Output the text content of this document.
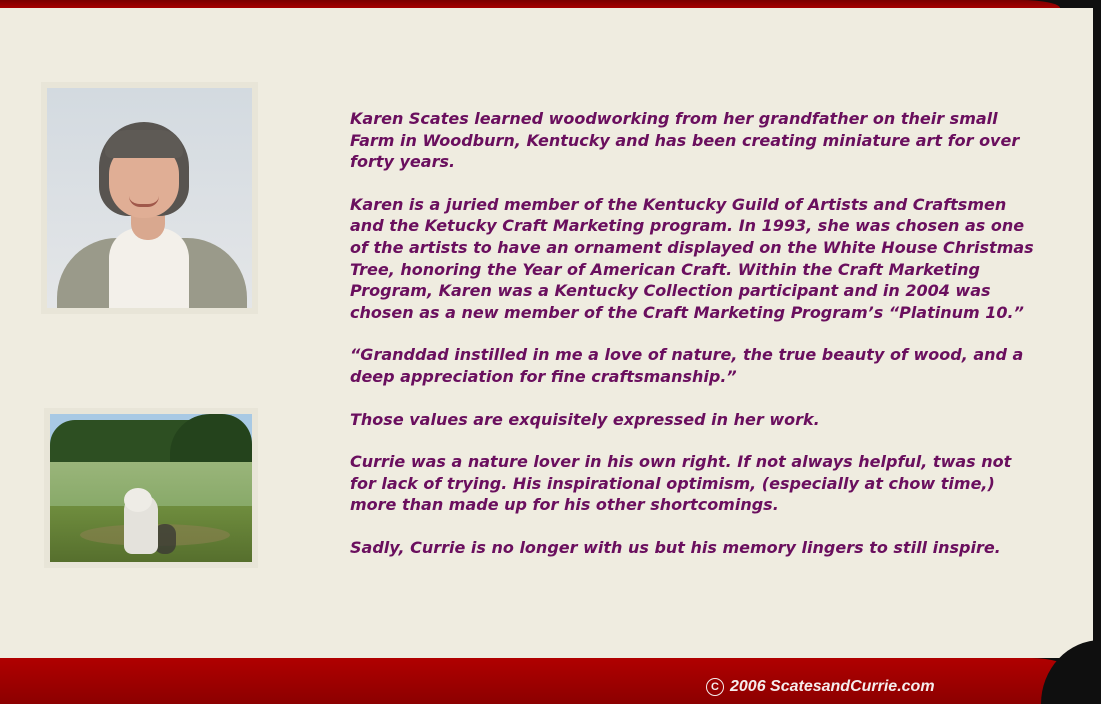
Karen Scates learned woodworking from her grandfather on their small Farm in Woodburn, Kentucky and has been creating miniature art for over forty years.

Karen is a juried member of the Kentucky Guild of Artists and Craftsmen and the Ketucky Craft Marketing program. In 1993, she was chosen as one of the artists to have an ornament displayed on the White House Christmas Tree, honoring the Year of American Craft. Within the Craft Marketing Program, Karen was a Kentucky Collection participant and in 2004 was chosen as a new member of the Craft Marketing Program’s “Platinum 10.”

“Granddad instilled in me a love of nature, the true beauty of wood, and a deep appreciation for fine craftsmanship.”

Those values are exquisitely expressed in her work.

Currie was a nature lover in his own right. If not always helpful, twas not for lack of trying. His inspirational optimism, (especially at chow time,) more than made up for his other shortcomings.

Sadly, Currie is no longer with us but his memory lingers to still inspire.

C 2006 ScatesandCurrie.com
